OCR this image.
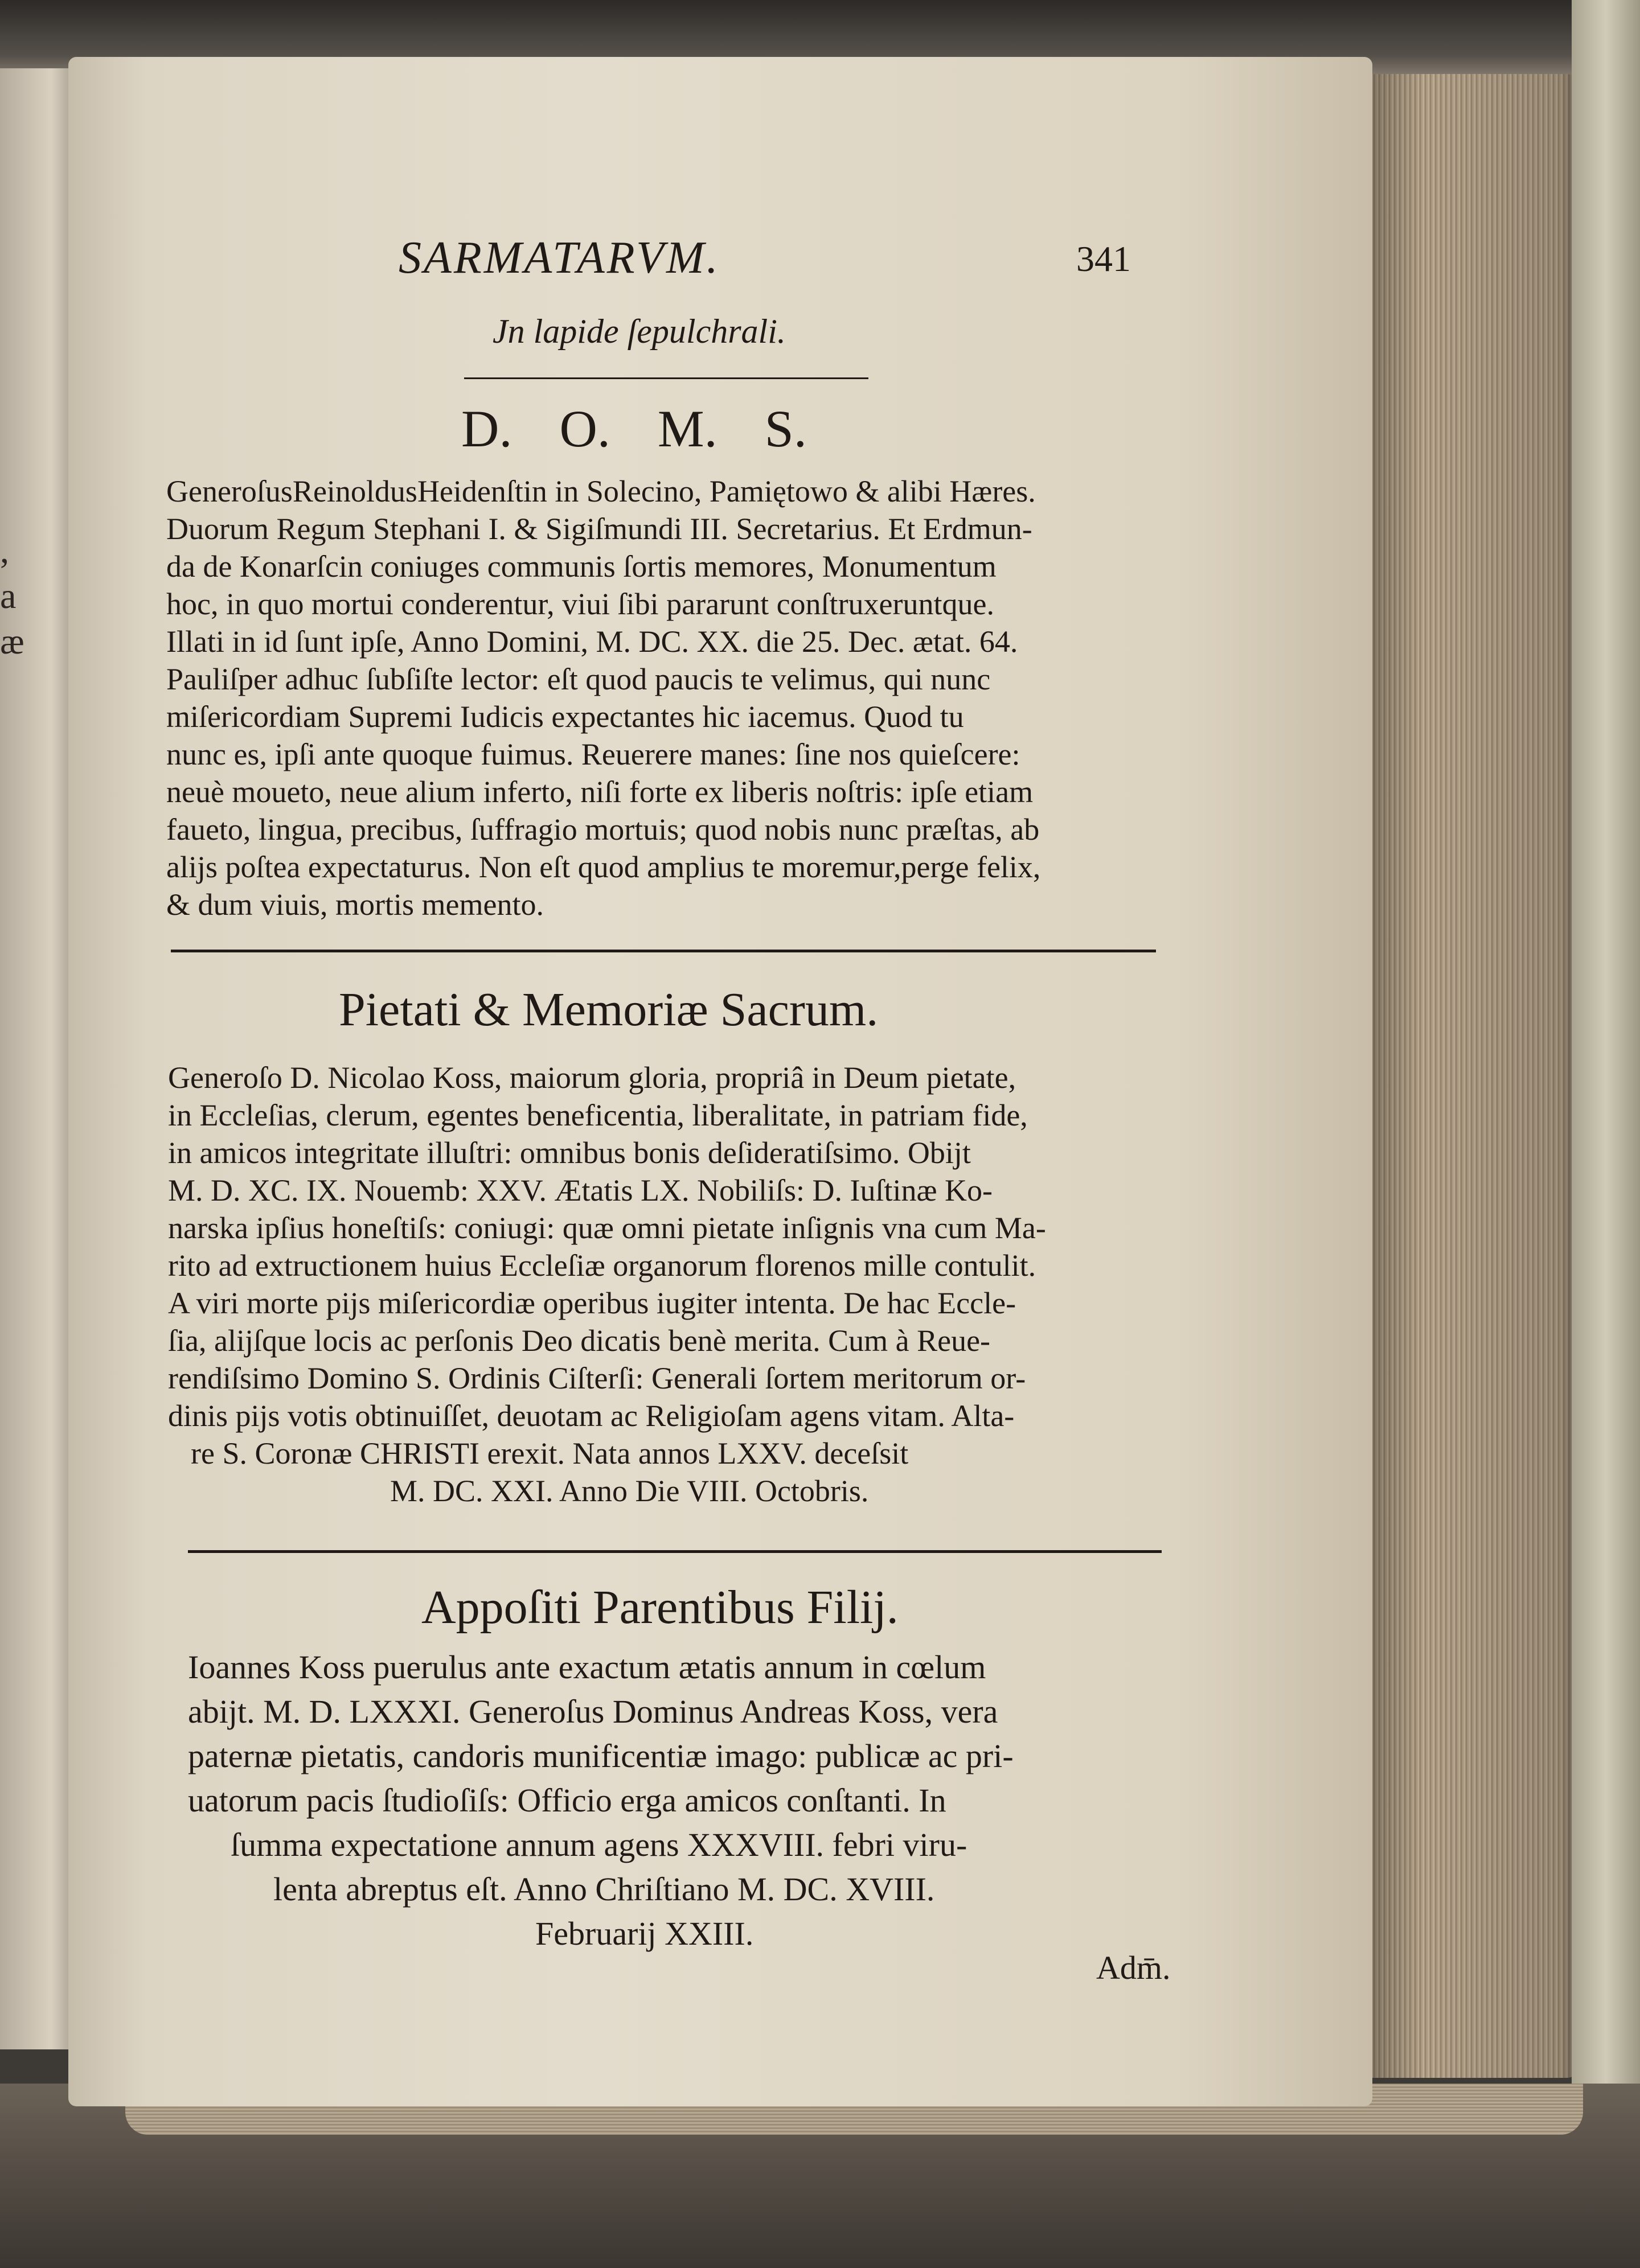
,
a
æ
SARMATARVM.	341
Jn lapide ſepulchrali.
D. O. M. S.
GeneroſusReinoldusHeidenſtin in Solecino, Pamiętowo & alibi Hæres.
Duorum Regum Stephani I. & Sigiſmundi III. Secretarius. Et Erdmun-
da de Konarſcin coniuges communis ſortis memores, Monumentum
hoc, in quo mortui conderentur, viui ſibi pararunt conſtruxeruntque.
Illati in id ſunt ipſe, Anno Domini, M. DC. XX. die 25. Dec. ætat. 64.
Pauliſper adhuc ſubſiſte lector: eſt quod paucis te velimus, qui nunc
miſericordiam Supremi Iudicis expectantes hic iacemus. Quod tu
nunc es, ipſi ante quoque fuimus. Reuerere manes: ſine nos quieſcere:
neuè moueto, neue alium inferto, niſi forte ex liberis noſtris: ipſe etiam
faueto, lingua, precibus, ſuffragio mortuis; quod nobis nunc præſtas, ab
alijs poſtea expectaturus. Non eſt quod amplius te moremur,perge felix,
& dum viuis, mortis memento.
Pietati & Memoriæ Sacrum.
Generoſo D. Nicolao Koss, maiorum gloria, propriâ in Deum pietate,
in Eccleſias, clerum, egentes beneficentia, liberalitate, in patriam fide,
in amicos integritate illuſtri: omnibus bonis deſideratiſsimo. Obijt
M. D. XC. IX. Nouemb: XXV. Ætatis LX. Nobiliſs: D. Iuſtinæ Ko-
narska ipſius honeſtiſs: coniugi: quæ omni pietate inſignis vna cum Ma-
rito ad extructionem huius Eccleſiæ organorum florenos mille contulit.
A viri morte pijs miſericordiæ operibus iugiter intenta. De hac Eccle-
ſia, alijſque locis ac perſonis Deo dicatis benè merita. Cum à Reue-
rendiſsimo Domino S. Ordinis Ciſterſi: Generali ſortem meritorum or-
dinis pijs votis obtinuiſſet, deuotam ac Religioſam agens vitam. Alta-
re S. Coronæ CHRISTI erexit. Nata annos LXXV. deceſsit
M. DC. XXI. Anno Die VIII. Octobris.
Appoſiti Parentibus Filij.
Ioannes Koss puerulus ante exactum ætatis annum in cœlum
abijt. M. D. LXXXI. Generoſus Dominus Andreas Koss, vera
paternæ pietatis, candoris munificentiæ imago: publicæ ac pri-
uatorum pacis ſtudioſiſs: Officio erga amicos conſtanti. In
ſumma expectatione annum agens XXXVIII. febri viru-
lenta abreptus eſt. Anno Chriſtiano M. DC. XVIII.
Februarij XXIII.
Adm̄.
